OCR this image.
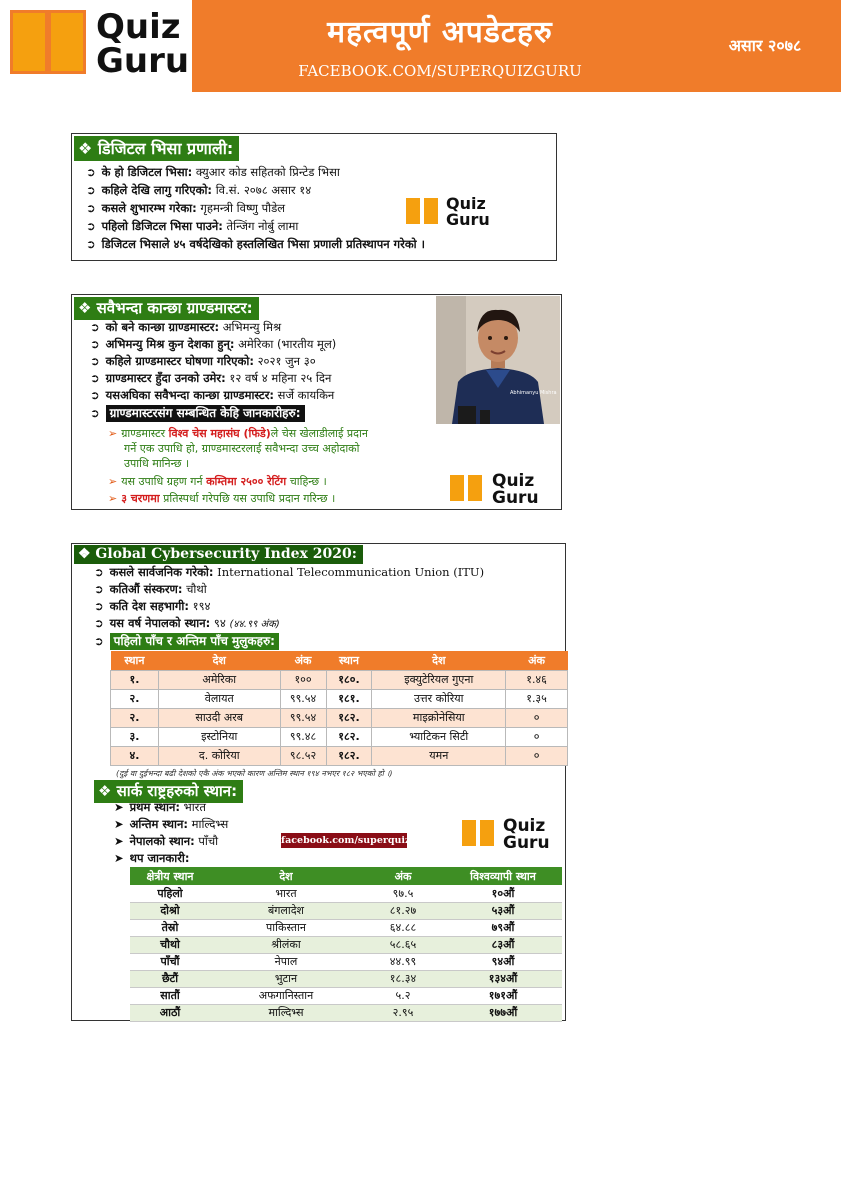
Quiz
Guru
महत्वपूर्ण अपडेटहरु
FACEBOOK.COM/SUPERQUIZGURU
असार २०७८
❖ डिजिटल भिसा प्रणाली:
➲ के हो डिजिटल भिसा: क्युआर कोड सहितको प्रिन्टेड भिसा
➲ कहिले देखि लागु गरिएको: वि.सं. २०७८ असार १४
➲ कसले शुभारम्भ गरेका: गृहमन्त्री विष्णु पौडेल
➲ पहिलो डिजिटल भिसा पाउने: तेन्जिंग नोर्बु लामा
➲ डिजिटल भिसाले ४५ वर्षदेखिको हस्तलिखित भिसा प्रणाली प्रतिस्थापन गरेको ।
Quiz
Guru
❖ सवैभन्दा कान्छा ग्राण्डमास्टर:
➲ को बने कान्छा ग्राण्डमास्टर: अभिमन्यु मिश्र
➲ अभिमन्यु मिश्र कुन देशका हुन्: अमेरिका (भारतीय मूल)
➲ कहिले ग्राण्डमास्टर घोषणा गरिएको: २०२१ जुन ३०
➲ ग्राण्डमास्टर हुँदा उनको उमेर: १२ वर्ष ४ महिना २५ दिन
➲ यसअघिका सवैभन्दा कान्छा ग्राण्डमास्टर: सर्जे कायकिन
➲ ग्राण्डमास्टरसंग सम्बन्धित केहि जानकारीहरु:
➢ ग्राण्डमास्टर विश्व चेस महासंघ (फिडे)ले चेस खेलाडीलाई प्रदान
गर्ने एक उपाधि हो, ग्राण्डमास्टरलाई सवैभन्दा उच्च अहोदाको
उपाधि मानिन्छ ।
➢ यस उपाधि ग्रहण गर्न कम्तिमा २५०० रेटिंग चाहिन्छ ।
➢ ३ चरणमा प्रतिस्पर्धा गरेपछि यस उपाधि प्रदान गरिन्छ ।
Quiz
Guru
Abhimanyu Mishra
❖ Global Cybersecurity Index 2020:
➲ कसले सार्वजनिक गरेको: International Telecommunication Union (ITU)
➲ कतिऔं संस्करण: चौथो
➲ कति देश सहभागी: १९४
➲ यस वर्ष नेपालको स्थान: ९४ (४४.९९ अंक)
➲ पहिलो पाँच र अन्तिम पाँच मुलुकहरु:
स्थान	देश	अंक	स्थान	देश	अंक
१.	अमेरिका	१००	१८०.	इक्युटेरियल गुएना	१.४६
२.	वेलायत	९९.५४	१८१.	उत्तर कोरिया	१.३५
२.	साउदी अरब	९९.५४	१८२.	माइक्रोनेसिया	०
३.	इस्टोनिया	९९.४८	१८२.	भ्याटिकन सिटी	०
४.	द. कोरिया	९८.५२	१८२.	यमन	०
(दुई वा दुईभन्दा बढी देशको एकै अंक भएको कारण अन्तिम स्थान १९४ नभएर १८२ भएको हो ।)
❖ सार्क राष्ट्रहरुको स्थान:
➤ प्रथम स्थान: भारत
➤ अन्तिम स्थान: माल्दिभ्स
➤ नेपालको स्थान: पाँचौ
➤ थप जानकारी:
Quiz
Guru
क्षेत्रीय स्थान	देश	अंक	विश्वव्यापी स्थान
पहिलो	भारत	९७.५	१०औं
दोश्रो	बंगलादेश	८१.२७	५३औं
तेस्रो	पाकिस्तान	६४.८८	७९औं
चौथो	श्रीलंका	५८.६५	८३औं
पाँचौं	नेपाल	४४.९९	९४औं
छैटौं	भुटान	१८.३४	१३४औं
सातौं	अफगानिस्तान	५.२	१७१औं
आठौं	माल्दिभ्स	२.९५	१७७औं
facebook.com/superquizguru
